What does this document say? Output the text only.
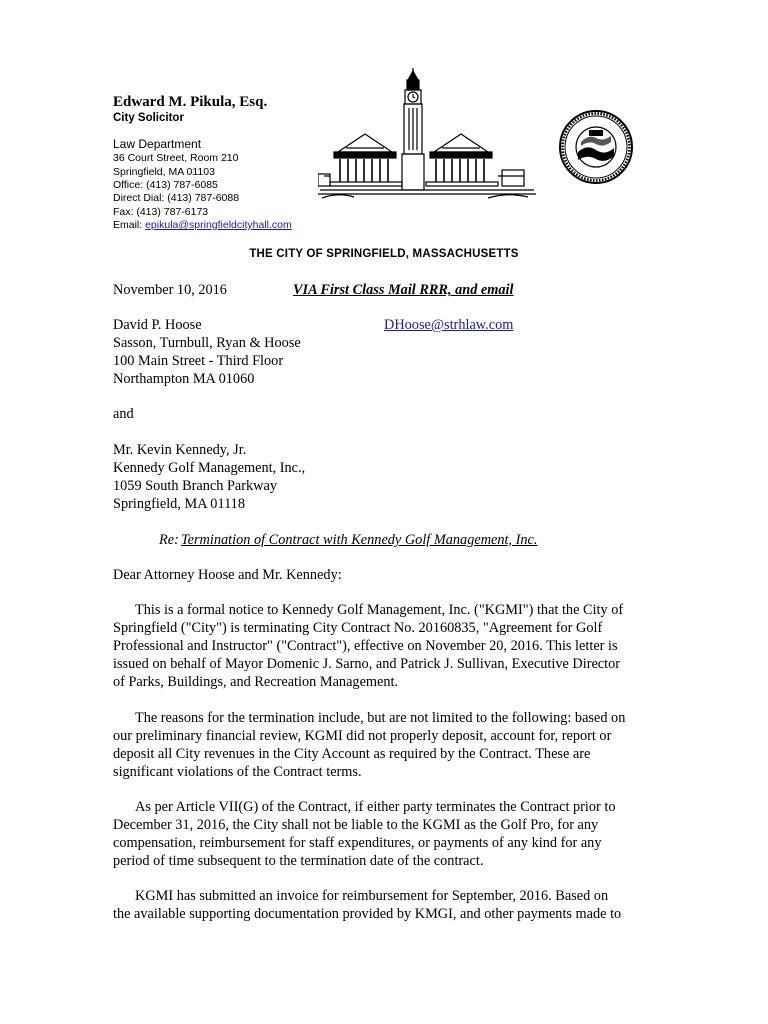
Edward M. Pikula, Esq.
City Solicitor
Law Department
36 Court Street, Room 210
Springfield, MA 01103
Office: (413) 787-6085
Direct Dial: (413) 787-6088
Fax: (413) 787-6173
Email: epikula@springfieldcityhall.com
THE CITY OF SPRINGFIELD, MASSACHUSETTS
November 10, 2016	VIA First Class Mail RRR, and email
DHoose@strhlaw.com
David P. Hoose
Sasson, Turnbull, Ryan & Hoose
100 Main Street - Third Floor
Northampton MA 01060
and
Mr. Kevin Kennedy, Jr.
Kennedy Golf Management, Inc.,
1059 South Branch Parkway
Springfield, MA 01118
Re: Termination of Contract with Kennedy Golf Management, Inc.
Dear Attorney Hoose and Mr. Kennedy:
This is a formal notice to Kennedy Golf Management, Inc. ("KGMI") that the City of
Springfield ("City") is terminating City Contract No. 20160835, "Agreement for Golf
Professional and Instructor" ("Contract"), effective on November 20, 2016. This letter is
issued on behalf of Mayor Domenic J. Sarno, and Patrick J. Sullivan, Executive Director
of Parks, Buildings, and Recreation Management.
The reasons for the termination include, but are not limited to the following: based on
our preliminary financial review, KGMI did not properly deposit, account for, report or
deposit all City revenues in the City Account as required by the Contract. These are
significant violations of the Contract terms.
As per Article VII(G) of the Contract, if either party terminates the Contract prior to
December 31, 2016, the City shall not be liable to the KGMI as the Golf Pro, for any
compensation, reimbursement for staff expenditures, or payments of any kind for any
period of time subsequent to the termination date of the contract.
KGMI has submitted an invoice for reimbursement for September, 2016. Based on
the available supporting documentation provided by KMGI, and other payments made to
